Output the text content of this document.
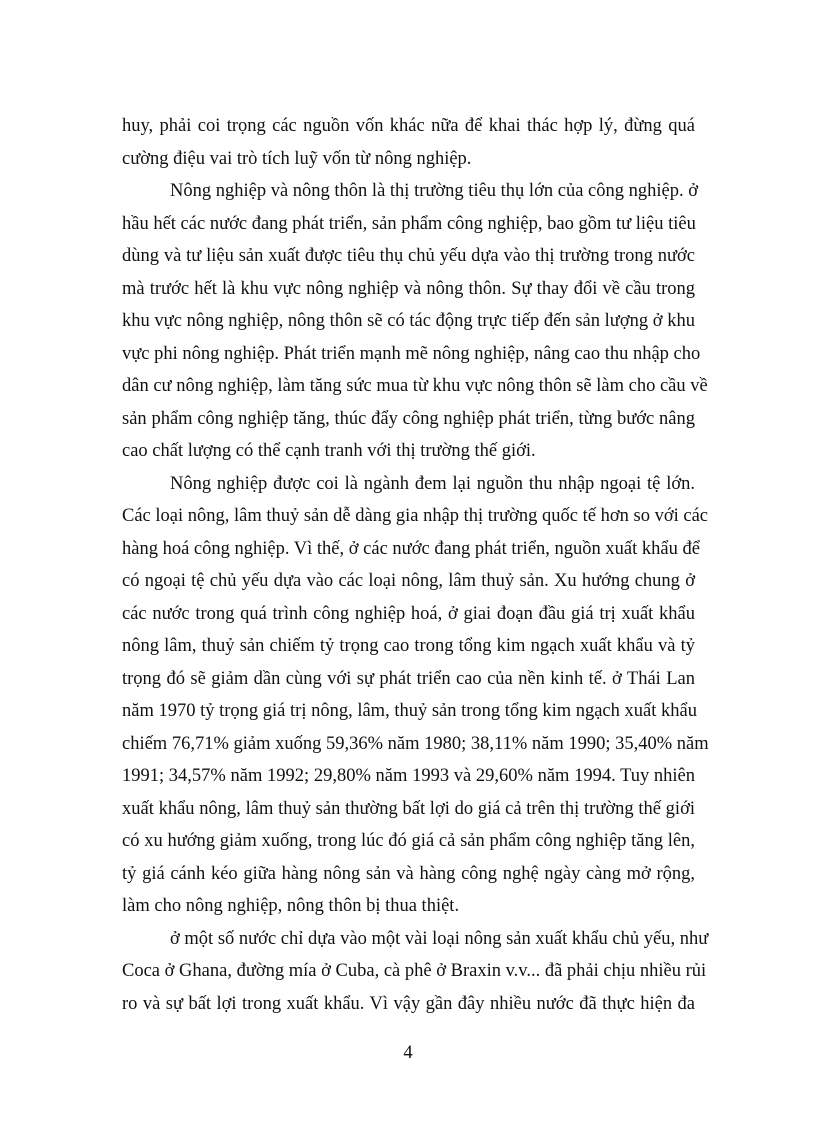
huy, phải coi trọng các nguồn vốn khác nữa để khai thác hợp lý, đừng quá
cường điệu vai trò tích luỹ vốn từ nông nghiệp.
Nông nghiệp và nông thôn là thị trường tiêu thụ lớn của công nghiệp. ở
hầu hết các nước đang phát triển, sản phẩm công nghiệp, bao gồm tư liệu tiêu
dùng và tư liệu sản xuất được tiêu thụ chủ yếu dựa vào thị trường trong nước
mà trước hết là khu vực nông nghiệp và nông thôn. Sự thay đổi về cầu trong
khu vực nông nghiệp, nông thôn sẽ có tác động trực tiếp đến sản lượng ở khu
vực phi nông nghiệp. Phát triển mạnh mẽ nông nghiệp, nâng cao thu nhập cho
dân cư nông nghiệp, làm tăng sức mua từ khu vực nông thôn sẽ làm cho cầu về
sản phẩm công nghiệp tăng, thúc đẩy công nghiệp phát triển, từng bước nâng
cao chất lượng có thể cạnh tranh với thị trường thế giới.
Nông nghiệp được coi là ngành đem lại nguồn thu nhập ngoại tệ lớn.
Các loại nông, lâm thuỷ sản dễ dàng gia nhập thị trường quốc tế hơn so với các
hàng hoá công nghiệp. Vì thế, ở các nước đang phát triển, nguồn xuất khẩu để
có ngoại tệ chủ yếu dựa vào các loại nông, lâm thuỷ sản. Xu hướng chung ở
các nước trong quá trình công nghiệp hoá, ở giai đoạn đầu giá trị xuất khẩu
nông lâm, thuỷ sản chiếm tỷ trọng cao trong tổng kim ngạch xuất khẩu và tỷ
trọng đó sẽ giảm dần cùng với sự phát triển cao của nền kinh tế. ở Thái Lan
năm 1970 tỷ trọng giá trị nông, lâm, thuỷ sản trong tổng kim ngạch xuất khẩu
chiếm 76,71% giảm xuống 59,36% năm 1980; 38,11% năm 1990; 35,40% năm
1991; 34,57% năm 1992; 29,80% năm 1993 và 29,60% năm 1994. Tuy nhiên
xuất khẩu nông, lâm thuỷ sản thường bất lợi do giá cả trên thị trường thế giới
có xu hướng giảm xuống, trong lúc đó giá cả sản phẩm công nghiệp tăng lên,
tỷ giá cánh kéo giữa hàng nông sản và hàng công nghệ ngày càng mở rộng,
làm cho nông nghiệp, nông thôn bị thua thiệt.
ở một số nước chỉ dựa vào một vài loại nông sản xuất khẩu chủ yếu, như
Coca ở Ghana, đường mía ở Cuba, cà phê ở Braxin v.v... đã phải chịu nhiều rủi
ro và sự bất lợi trong xuất khẩu. Vì vậy gần đây nhiều nước đã thực hiện đa
4
